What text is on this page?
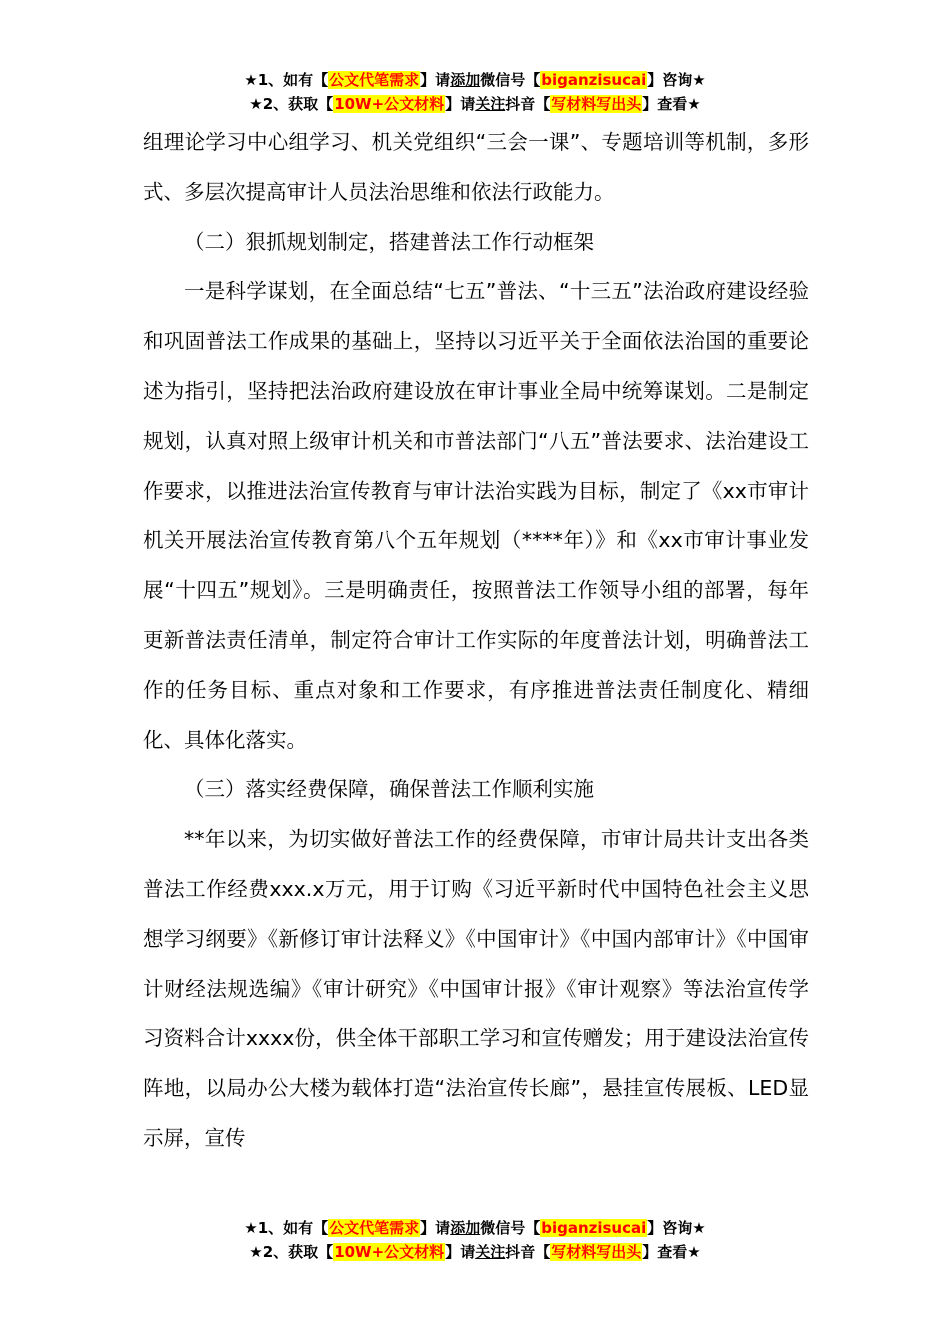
★1、如有【公文代笔需求】请添加微信号【biganzisucai】咨询★
★2、获取【10W+公文材料】请关注抖音【写材料写出头】查看★

组理论学习中心组学习、机关党组织“三会一课”、专题培训等机制，多形式、多层次提高审计人员法治思维和依法行政能力。

（二）狠抓规划制定，搭建普法工作行动框架

一是科学谋划，在全面总结“七五”普法、“十三五”法治政府建设经验和巩固普法工作成果的基础上，坚持以习近平关于全面依法治国的重要论述为指引，坚持把法治政府建设放在审计事业全局中统筹谋划。二是制定规划，认真对照上级审计机关和市普法部门“八五”普法要求、法治建设工作要求，以推进法治宣传教育与审计法治实践为目标，制定了《xx市审计机关开展法治宣传教育第八个五年规划（****年）》和《xx市审计事业发展“十四五”规划》。三是明确责任，按照普法工作领导小组的部署，每年更新普法责任清单，制定符合审计工作实际的年度普法计划，明确普法工作的任务目标、重点对象和工作要求，有序推进普法责任制度化、精细化、具体化落实。

（三）落实经费保障，确保普法工作顺利实施

**年以来，为切实做好普法工作的经费保障，市审计局共计支出各类普法工作经费xxx.x万元，用于订购《习近平新时代中国特色社会主义思想学习纲要》《新修订审计法释义》《中国审计》《中国内部审计》《中国审计财经法规选编》《审计研究》《中国审计报》《审计观察》等法治宣传学习资料合计xxxx份，供全体干部职工学习和宣传赠发；用于建设法治宣传阵地，以局办公大楼为载体打造“法治宣传长廊”，悬挂宣传展板、LED显示屏，宣传

★1、如有【公文代笔需求】请添加微信号【biganzisucai】咨询★
★2、获取【10W+公文材料】请关注抖音【写材料写出头】查看★
